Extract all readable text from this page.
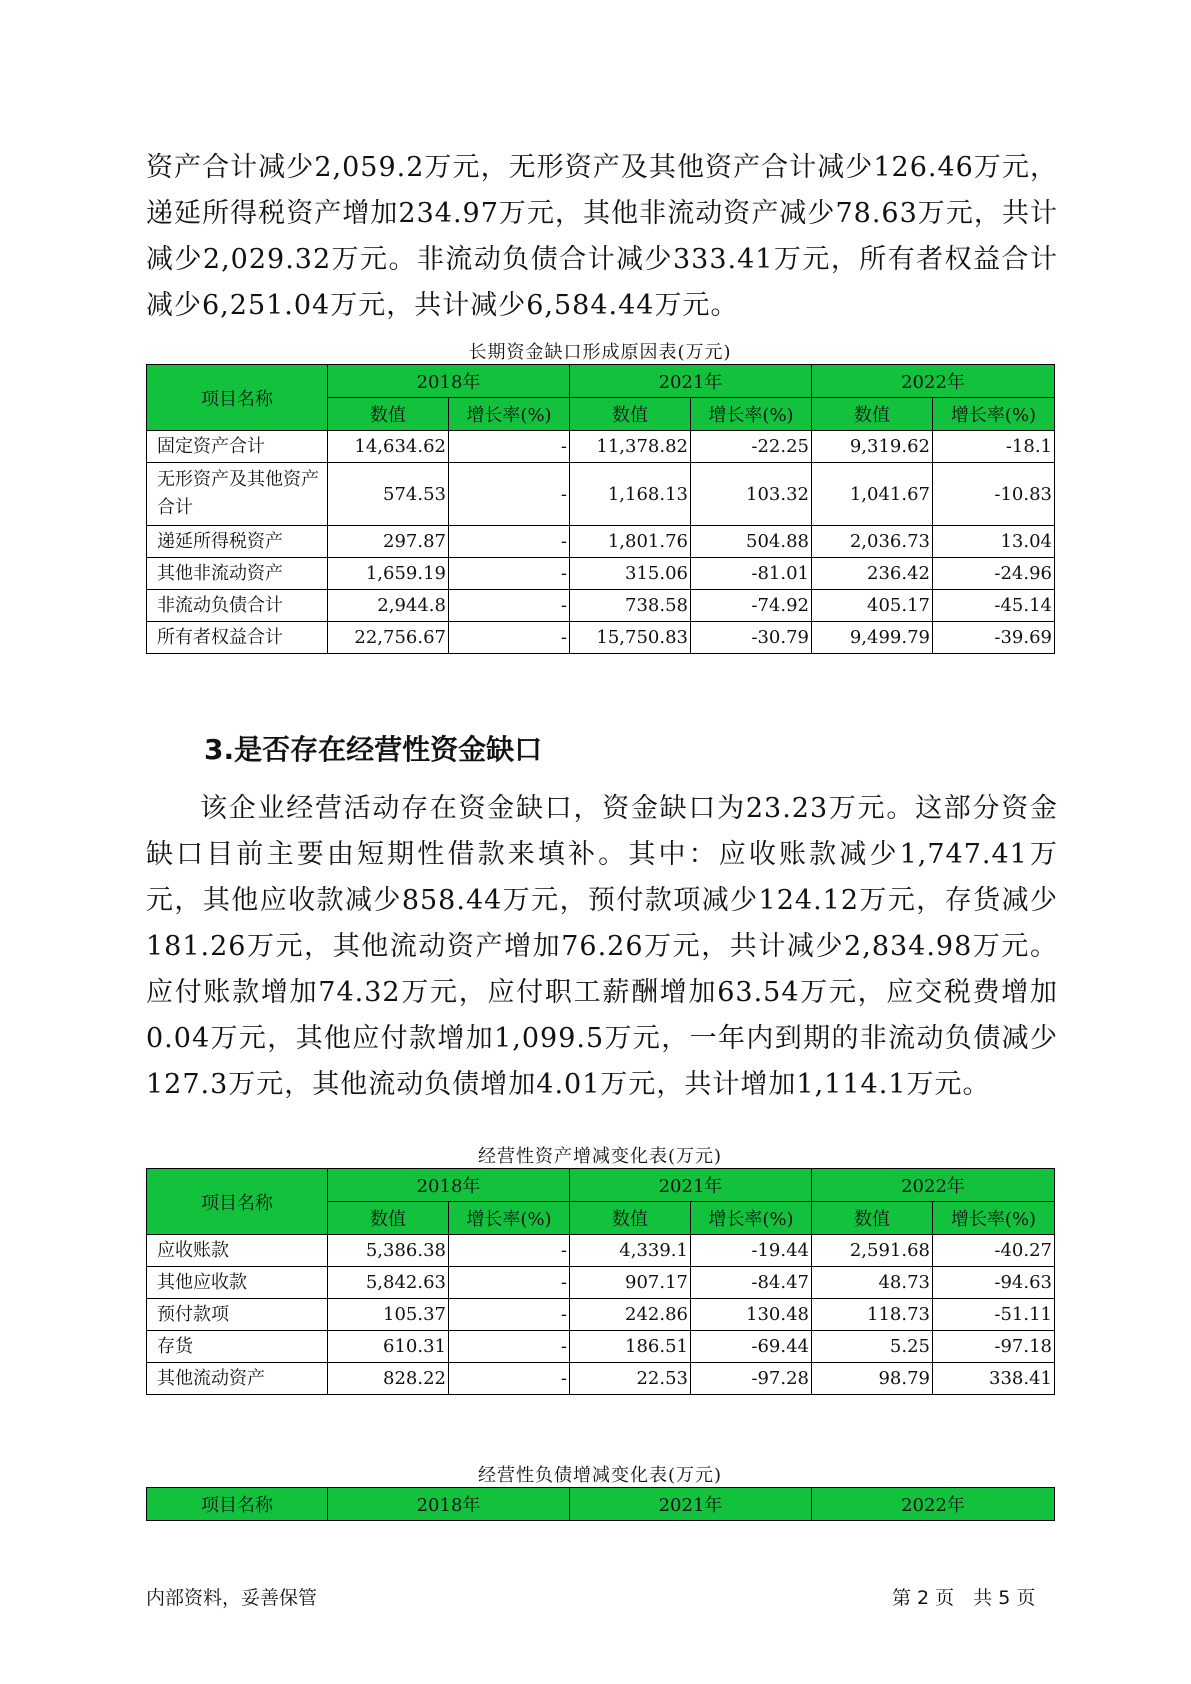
资产合计减少2,059.2万元，无形资产及其他资产合计减少126.46万元，递延所得税资产增加234.97万元，其他非流动资产减少78.63万元，共计减少2,029.32万元。非流动负债合计减少333.41万元，所有者权益合计减少6,251.04万元，共计减少6,584.44万元。

长期资金缺口形成原因表(万元)
项目名称	2018年		2021年		2022年	
	数值	增长率(%)	数值	增长率(%)	数值	增长率(%)
固定资产合计	14,634.62	-	11,378.82	-22.25	9,319.62	-18.1
无形资产及其他资产合计	574.53	-	1,168.13	103.32	1,041.67	-10.83
递延所得税资产	297.87	-	1,801.76	504.88	2,036.73	13.04
其他非流动资产	1,659.19	-	315.06	-81.01	236.42	-24.96
非流动负债合计	2,944.8	-	738.58	-74.92	405.17	-45.14
所有者权益合计	22,756.67	-	15,750.83	-30.79	9,499.79	-39.69
3.是否存在经营性资金缺口

该企业经营活动存在资金缺口，资金缺口为23.23万元。这部分资金缺口目前主要由短期性借款来填补。其中：应收账款减少1,747.41万元，其他应收款减少858.44万元，预付款项减少124.12万元，存货减少181.26万元，其他流动资产增加76.26万元，共计减少2,834.98万元。应付账款增加74.32万元，应付职工薪酬增加63.54万元，应交税费增加0.04万元，其他应付款增加1,099.5万元，一年内到期的非流动负债减少127.3万元，其他流动负债增加4.01万元，共计增加1,114.1万元。

经营性资产增减变化表(万元)
项目名称	2018年		2021年		2022年	
	数值	增长率(%)	数值	增长率(%)	数值	增长率(%)
应收账款	5,386.38	-	4,339.1	-19.44	2,591.68	-40.27
其他应收款	5,842.63	-	907.17	-84.47	48.73	-94.63
预付款项	105.37	-	242.86	130.48	118.73	-51.11
存货	610.31	-	186.51	-69.44	5.25	-97.18
其他流动资产	828.22	-	22.53	-97.28	98.79	338.41
经营性负债增减变化表(万元)
项目名称	2018年	2021年	2022年
内部资料，妥善保管	第 2 页　共 5 页
